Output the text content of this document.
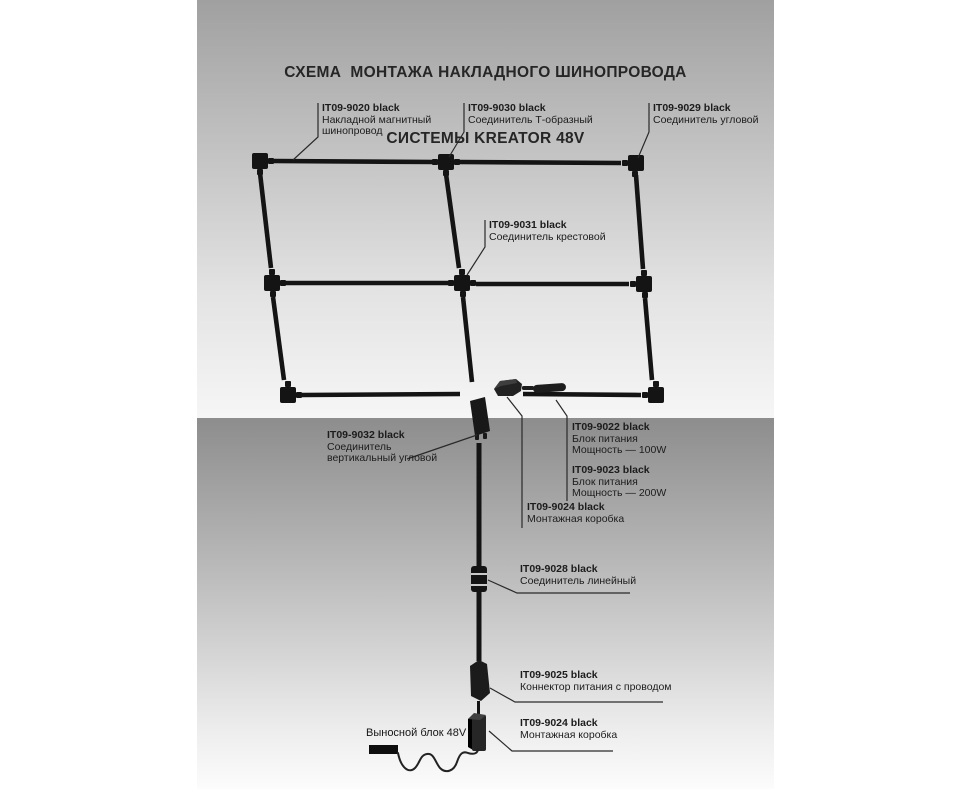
СХЕМА  МОНТАЖА НАКЛАДНОГО ШИНОПРОВОДА

СИСТЕМЫ KREATOR 48V

IT09-9020 black
Накладной магнитный
шинопровод
IT09-9030 black
Соединитель Т-образный
IT09-9029 black
Соединитель угловой
IT09-9031 black
Соединитель крестовой
IT09-9032 black
Соединитель
вертикальный угловой
IT09-9022 black
Блок питания
Мощность — 100W
IT09-9023 black
Блок питания
Мощность — 200W
IT09-9024 black
Монтажная коробка
IT09-9028 black
Соединитель линейный
IT09-9025 black
Коннектор питания с проводом
IT09-9024 black
Монтажная коробка
Выносной блок 48V
